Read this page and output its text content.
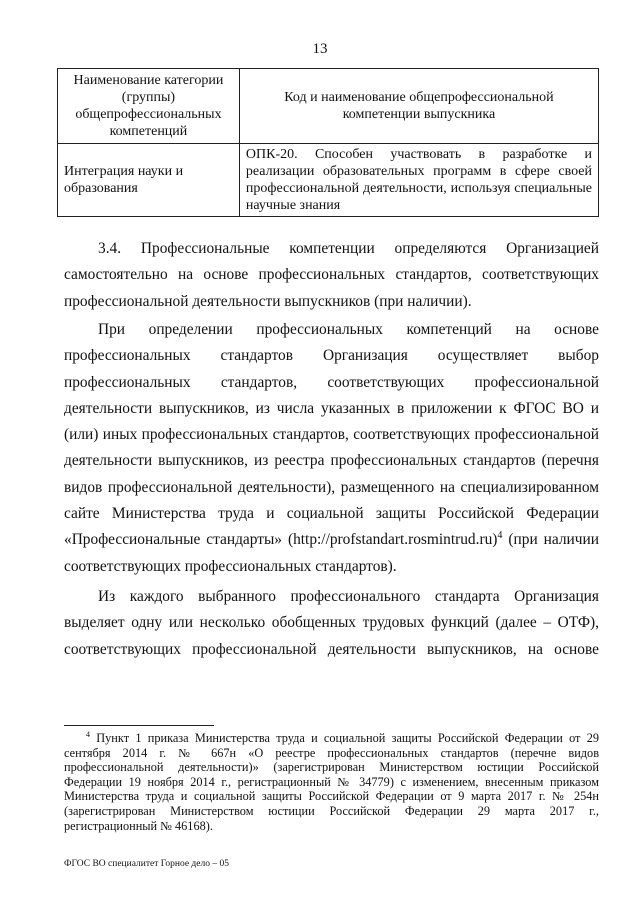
13
Наименование категории (группы) общепрофессиональных компетенций	Код и наименование общепрофессиональной компетенции выпускника
Интеграция науки и образования	ОПК-20. Способен участвовать в разработке и реализации образовательных программ в сфере своей профессиональной деятельности, используя специальные научные знания

3.4. Профессиональные компетенции определяются Организацией самостоятельно на основе профессиональных стандартов, соответствующих профессиональной деятельности выпускников (при наличии).

При определении профессиональных компетенций на основе профессиональных стандартов Организация осуществляет выбор профессиональных стандартов, соответствующих профессиональной деятельности выпускников, из числа указанных в приложении к ФГОС ВО и (или) иных профессиональных стандартов, соответствующих профессиональной деятельности выпускников, из реестра профессиональных стандартов (перечня видов профессиональной деятельности), размещенного на специализированном сайте Министерства труда и социальной защиты Российской Федерации «Профессиональные стандарты» (http://profstandart.rosmintrud.ru)$^4$ (при наличии соответствующих профессиональных стандартов).

Из каждого выбранного профессионального стандарта Организация выделяет одну или несколько обобщенных трудовых функций (далее – ОТФ), соответствующих профессиональной деятельности выпускников, на основе

$^4$ Пункт 1 приказа Министерства труда и социальной защиты Российской Федерации от 29 сентября 2014 г. № 667н «О реестре профессиональных стандартов (перечне видов профессиональной деятельности)» (зарегистрирован Министерством юстиции Российской Федерации 19 ноября 2014 г., регистрационный № 34779) с изменением, внесенным приказом Министерства труда и социальной защиты Российской Федерации от 9 марта 2017 г. № 254н (зарегистрирован Министерством юстиции Российской Федерации 29 марта 2017 г., регистрационный № 46168).

ФГОС ВО специалитет Горное дело – 05
